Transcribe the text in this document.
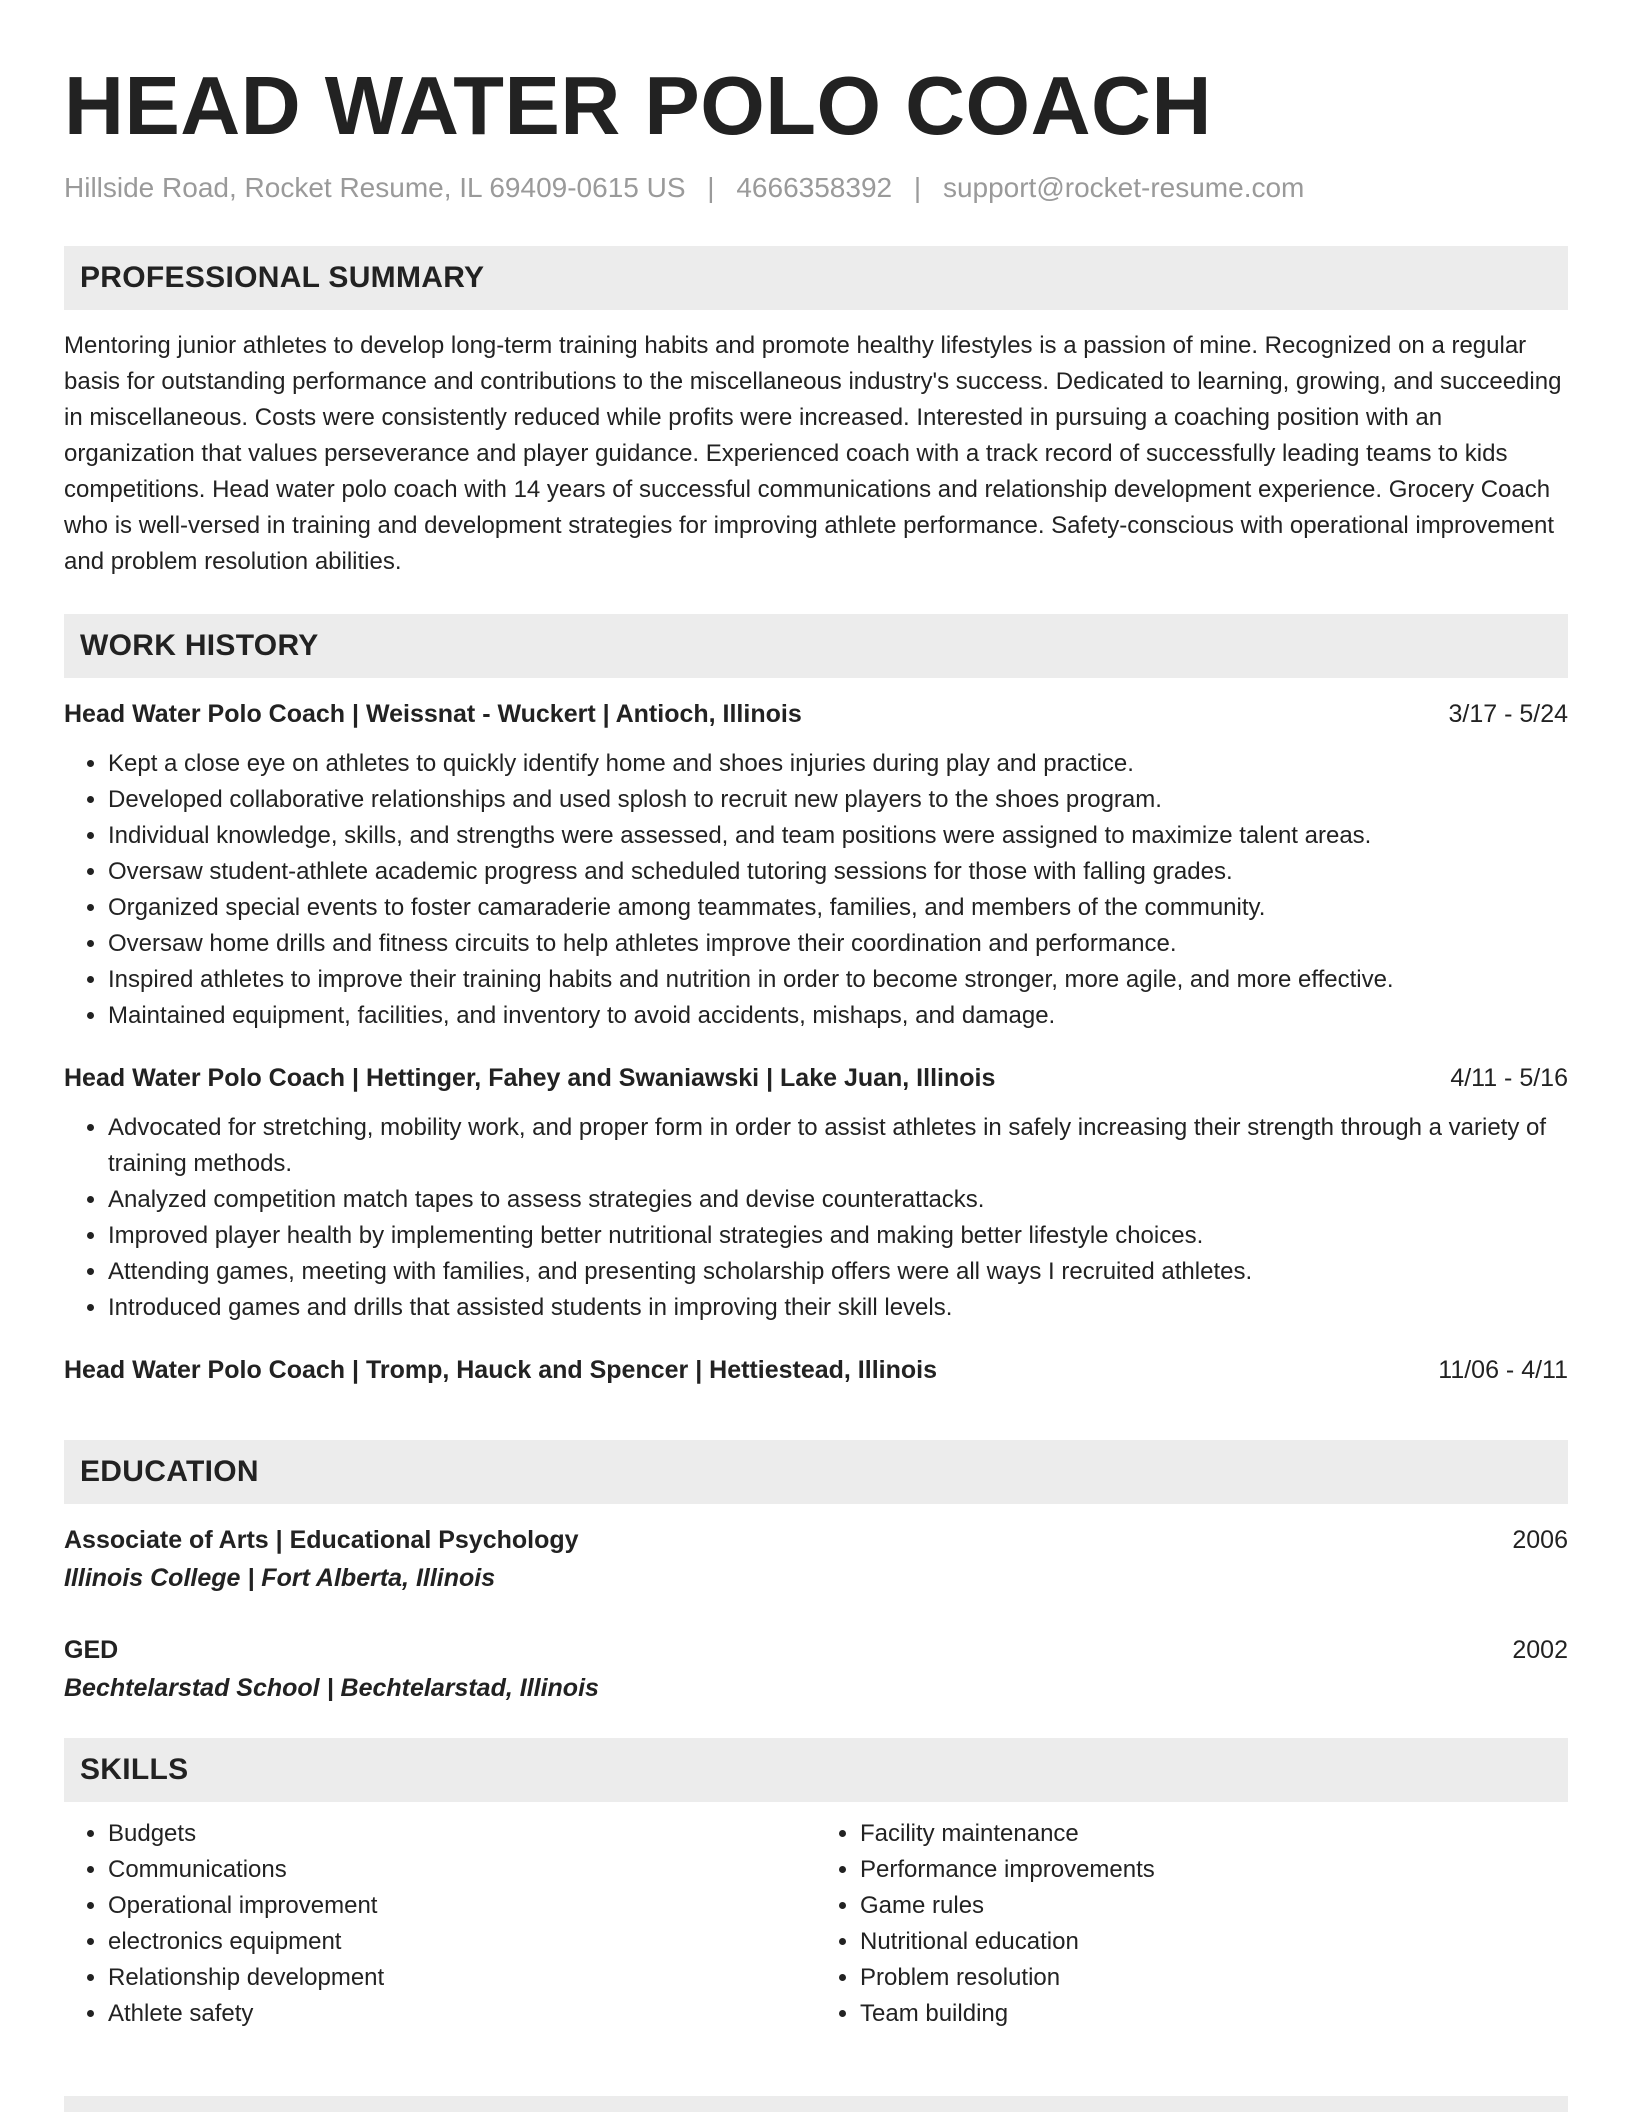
HEAD WATER POLO COACH
Hillside Road, Rocket Resume, IL 69409-0615 US | 4666358392 | support@rocket-resume.com
PROFESSIONAL SUMMARY
Mentoring junior athletes to develop long-term training habits and promote healthy lifestyles is a passion of mine. Recognized on a regular basis for outstanding performance and contributions to the miscellaneous industry's success. Dedicated to learning, growing, and succeeding in miscellaneous. Costs were consistently reduced while profits were increased. Interested in pursuing a coaching position with an organization that values perseverance and player guidance. Experienced coach with a track record of successfully leading teams to kids competitions. Head water polo coach with 14 years of successful communications and relationship development experience. Grocery Coach who is well-versed in training and development strategies for improving athlete performance. Safety-conscious with operational improvement and problem resolution abilities.
WORK HISTORY
Head Water Polo Coach | Weissnat - Wuckert | Antioch, Illinois	3/17 - 5/24
• Kept a close eye on athletes to quickly identify home and shoes injuries during play and practice.
• Developed collaborative relationships and used splosh to recruit new players to the shoes program.
• Individual knowledge, skills, and strengths were assessed, and team positions were assigned to maximize talent areas.
• Oversaw student-athlete academic progress and scheduled tutoring sessions for those with falling grades.
• Organized special events to foster camaraderie among teammates, families, and members of the community.
• Oversaw home drills and fitness circuits to help athletes improve their coordination and performance.
• Inspired athletes to improve their training habits and nutrition in order to become stronger, more agile, and more effective.
• Maintained equipment, facilities, and inventory to avoid accidents, mishaps, and damage.
Head Water Polo Coach | Hettinger, Fahey and Swaniawski | Lake Juan, Illinois	4/11 - 5/16
• Advocated for stretching, mobility work, and proper form in order to assist athletes in safely increasing their strength through a variety of training methods.
• Analyzed competition match tapes to assess strategies and devise counterattacks.
• Improved player health by implementing better nutritional strategies and making better lifestyle choices.
• Attending games, meeting with families, and presenting scholarship offers were all ways I recruited athletes.
• Introduced games and drills that assisted students in improving their skill levels.
Head Water Polo Coach | Tromp, Hauck and Spencer | Hettiestead, Illinois	11/06 - 4/11
EDUCATION
Associate of Arts | Educational Psychology	2006
Illinois College | Fort Alberta, Illinois
GED	2002
Bechtelarstad School | Bechtelarstad, Illinois
SKILLS
• Budgets
• Communications
• Operational improvement
• electronics equipment
• Relationship development
• Athlete safety
• Facility maintenance
• Performance improvements
• Game rules
• Nutritional education
• Problem resolution
• Team building
